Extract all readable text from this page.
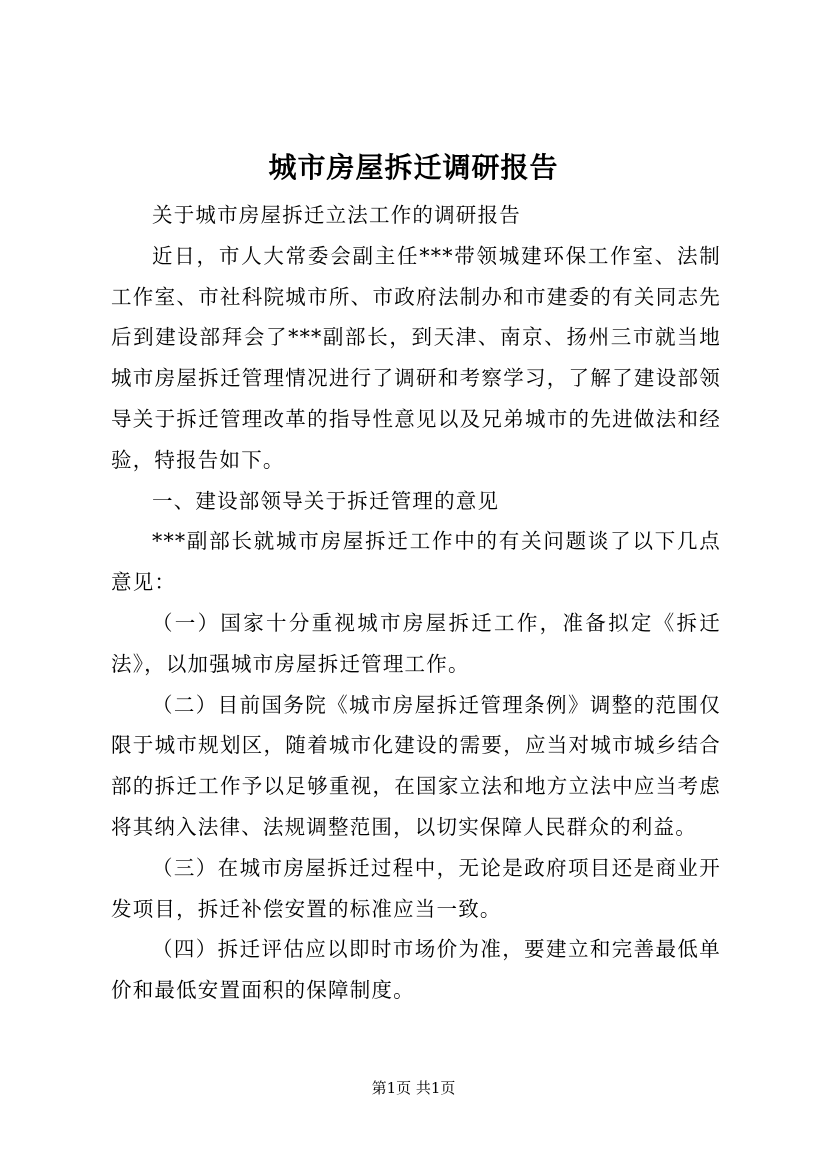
城市房屋拆迁调研报告

关于城市房屋拆迁立法工作的调研报告

近日，市人大常委会副主任***带领城建环保工作室、法制工作室、市社科院城市所、市政府法制办和市建委的有关同志先后到建设部拜会了***副部长，到天津、南京、扬州三市就当地城市房屋拆迁管理情况进行了调研和考察学习，了解了建设部领导关于拆迁管理改革的指导性意见以及兄弟城市的先进做法和经验，特报告如下。

一、建设部领导关于拆迁管理的意见

***副部长就城市房屋拆迁工作中的有关问题谈了以下几点意见：

（一）国家十分重视城市房屋拆迁工作，准备拟定《拆迁法》，以加强城市房屋拆迁管理工作。

（二）目前国务院《城市房屋拆迁管理条例》调整的范围仅限于城市规划区，随着城市化建设的需要，应当对城市城乡结合部的拆迁工作予以足够重视，在国家立法和地方立法中应当考虑将其纳入法律、法规调整范围，以切实保障人民群众的利益。

（三）在城市房屋拆迁过程中，无论是政府项目还是商业开发项目，拆迁补偿安置的标准应当一致。

（四）拆迁评估应以即时市场价为准，要建立和完善最低单价和最低安置面积的保障制度。

第1页 共1页
